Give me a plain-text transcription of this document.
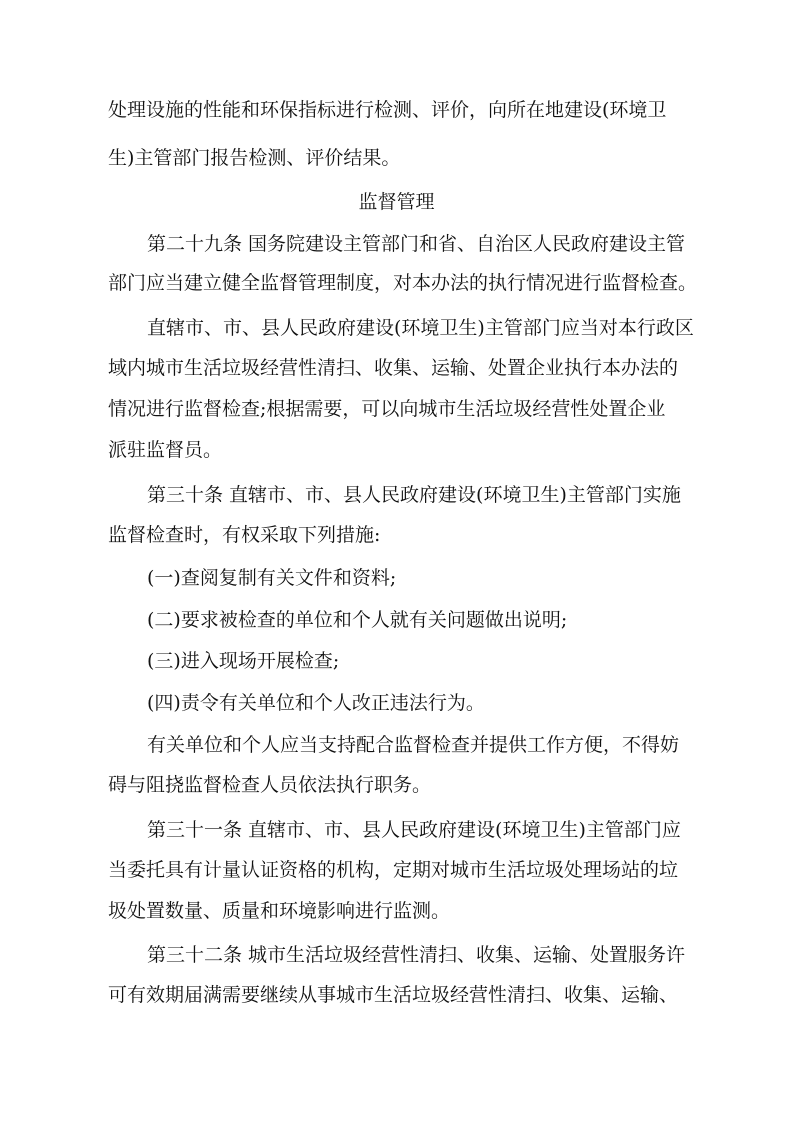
处理设施的性能和环保指标进行检测、评价，向所在地建设(环境卫
生)主管部门报告检测、评价结果。
监督管理
第二十九条 国务院建设主管部门和省、自治区人民政府建设主管
部门应当建立健全监督管理制度，对本办法的执行情况进行监督检查。
直辖市、市、县人民政府建设(环境卫生)主管部门应当对本行政区
域内城市生活垃圾经营性清扫、收集、运输、处置企业执行本办法的
情况进行监督检查;根据需要，可以向城市生活垃圾经营性处置企业
派驻监督员。
第三十条 直辖市、市、县人民政府建设(环境卫生)主管部门实施
监督检查时，有权采取下列措施:
(一)查阅复制有关文件和资料;
(二)要求被检查的单位和个人就有关问题做出说明;
(三)进入现场开展检查;
(四)责令有关单位和个人改正违法行为。
有关单位和个人应当支持配合监督检查并提供工作方便，不得妨
碍与阻挠监督检查人员依法执行职务。
第三十一条 直辖市、市、县人民政府建设(环境卫生)主管部门应
当委托具有计量认证资格的机构，定期对城市生活垃圾处理场站的垃
圾处置数量、质量和环境影响进行监测。
第三十二条 城市生活垃圾经营性清扫、收集、运输、处置服务许
可有效期届满需要继续从事城市生活垃圾经营性清扫、收集、运输、
